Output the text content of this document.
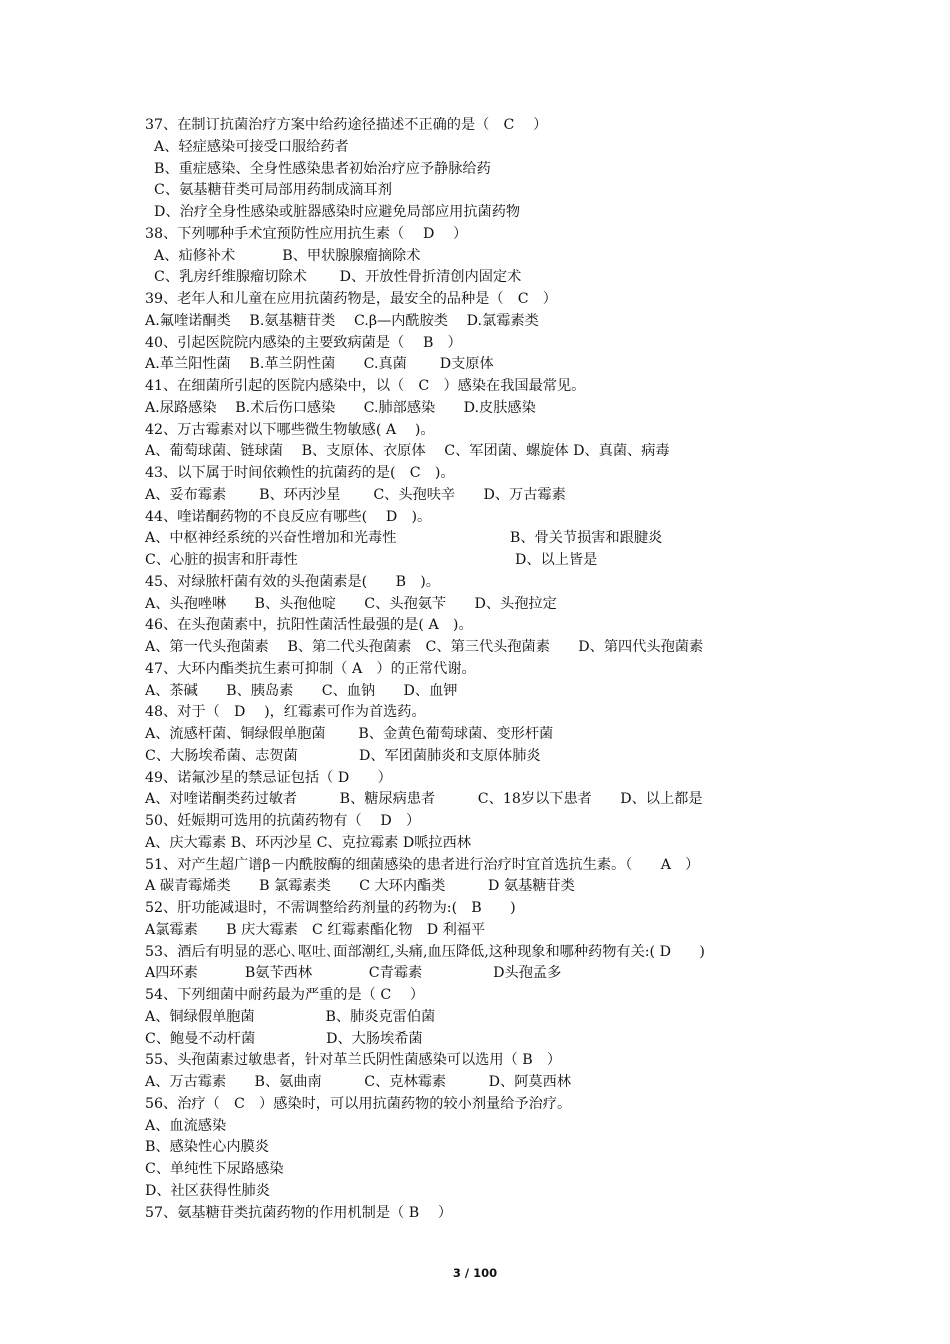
37、在制订抗菌治疗方案中给药途径描述不正确的是（　C　 ）
A、轻症感染可接受口服给药者
B、重症感染、全身性感染患者初始治疗应予静脉给药
C、氨基糖苷类可局部用药制成滴耳剂
D、治疗全身性感染或脏器感染时应避免局部应用抗菌药物
38、下列哪种手术宜预防性应用抗生素（　 D　 ）
A、疝修补术　　　 B、甲状腺腺瘤摘除术
C、乳房纤维腺瘤切除术　　 D、开放性骨折清创内固定术
39、老年人和儿童在应用抗菌药物是，最安全的品种是（　C　）
A.氟喹诺酮类　 B.氨基糖苷类　 C.β—内酰胺类　 D.氯霉素类
40、引起医院院内感染的主要致病菌是（　 B　）
A.革兰阳性菌　 B.革兰阴性菌　　C.真菌　　 D支原体
41、在细菌所引起的医院内感染中，以（　C　）感染在我国最常见。
A.尿路感染　 B.术后伤口感染　　C.肺部感染　　D.皮肤感染
42、万古霉素对以下哪些微生物敏感( A　 )。
A、葡萄球菌、链球菌　 B、支原体、衣原体　 C、军团菌、螺旋体 D、真菌、病毒
43、以下属于时间依赖性的抗菌药的是(　C　)。
A、妥布霉素　　 B、环丙沙星　　 C、头孢呋辛　　D、万古霉素
44、喹诺酮药物的不良反应有哪些(　 D　)。
A、中枢神经系统的兴奋性增加和光毒性　　　　　　　　B、骨关节损害和跟腱炎
C、心脏的损害和肝毒性　　　　　　　　　　　　　　　 D、以上皆是
45、对绿脓杆菌有效的头孢菌素是(　　B　)。
A、头孢唑啉　　B、头孢他啶　　C、头孢氨苄　　D、头孢拉定
46、在头孢菌素中，抗阳性菌活性最强的是( A　)。
A、第一代头孢菌素　 B、第二代头孢菌素　C、第三代头孢菌素　　D、第四代头孢菌素
47、大环内酯类抗生素可抑制（ A　）的正常代谢。
A、茶碱　　B、胰岛素　　C、血钠　　D、血钾
48、对于（　D　 )，红霉素可作为首选药。
A、流感杆菌、铜绿假单胞菌　　 B、金黄色葡萄球菌、变形杆菌
C、大肠埃希菌、志贺菌　　　　 D、军团菌肺炎和支原体肺炎
49、诺氟沙星的禁忌证包括（ D　　）
A、对喹诺酮类药过敏者　　　B、糖尿病患者　　　C、18岁以下患者　　D、以上都是
50、妊娠期可选用的抗菌药物有（　 D　）
A、庆大霉素 B、环丙沙星 C、克拉霉素 D哌拉西林
51、对产生超广谱β－内酰胺酶的细菌感染的患者进行治疗时宜首选抗生素。（　　A　）
A 碳青霉烯类　　B 氯霉素类　　C 大环内酯类　　　D 氨基糖苷类
52、肝功能减退时，不需调整给药剂量的药物为:(　B　　)
A氯霉素　　B 庆大霉素　C 红霉素酯化物　D 利福平
53、酒后有明显的恶心､呕吐､面部潮红,头痛,血压降低,这种现象和哪种药物有关:( D　　)
A四环素　　　 B氨苄西林　　　　C青霉素　　　　　D头孢孟多
54、下列细菌中耐药最为严重的是（ C　 ）
A、铜绿假单胞菌　　　　　B、肺炎克雷伯菌
C、鲍曼不动杆菌　　　　　D、大肠埃希菌
55、头孢菌素过敏患者，针对革兰氏阴性菌感染可以选用（ B　）
A、万古霉素　　B、氨曲南　　　C、克林霉素　　　D、阿莫西林
56、治疗（　C　）感染时，可以用抗菌药物的较小剂量给予治疗。
A、血流感染
B、感染性心内膜炎
C、单纯性下尿路感染
D、社区获得性肺炎
57、氨基糖苷类抗菌药物的作用机制是（ B　 ）
3 / 100
